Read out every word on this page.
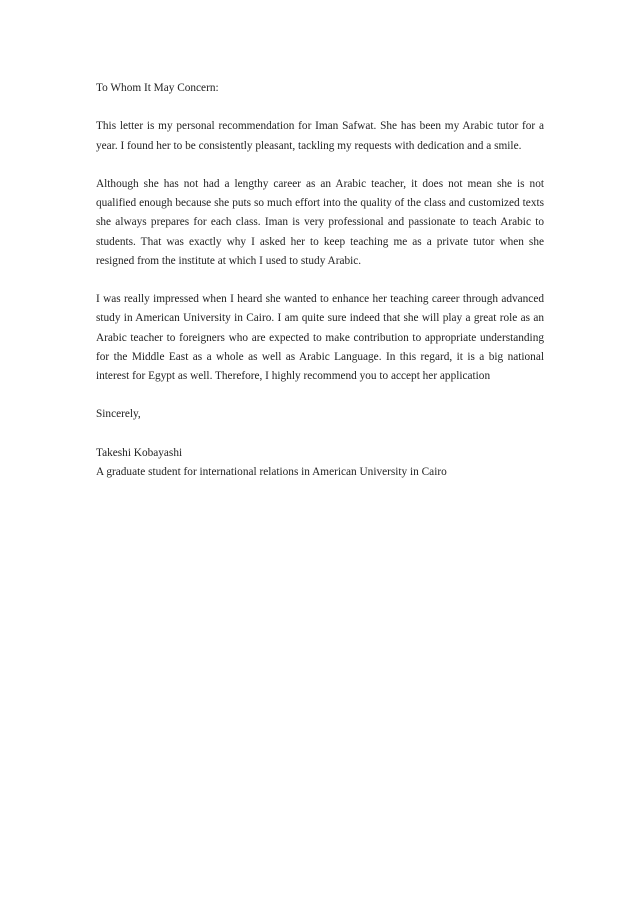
To Whom It May Concern:

This letter is my personal recommendation for Iman Safwat. She has been my Arabic tutor for a year. I found her to be consistently pleasant, tackling my requests with dedication and a smile.

Although she has not had a lengthy career as an Arabic teacher, it does not mean she is not qualified enough because she puts so much effort into the quality of the class and customized texts she always prepares for each class. Iman is very professional and passionate to teach Arabic to students. That was exactly why I asked her to keep teaching me as a private tutor when she resigned from the institute at which I used to study Arabic.

I was really impressed when I heard she wanted to enhance her teaching career through advanced study in American University in Cairo. I am quite sure indeed that she will play a great role as an Arabic teacher to foreigners who are expected to make contribution to appropriate understanding for the Middle East as a whole as well as Arabic Language. In this regard, it is a big national interest for Egypt as well. Therefore, I highly recommend you to accept her application

Sincerely,

Takeshi Kobayashi

A graduate student for international relations in American University in Cairo
